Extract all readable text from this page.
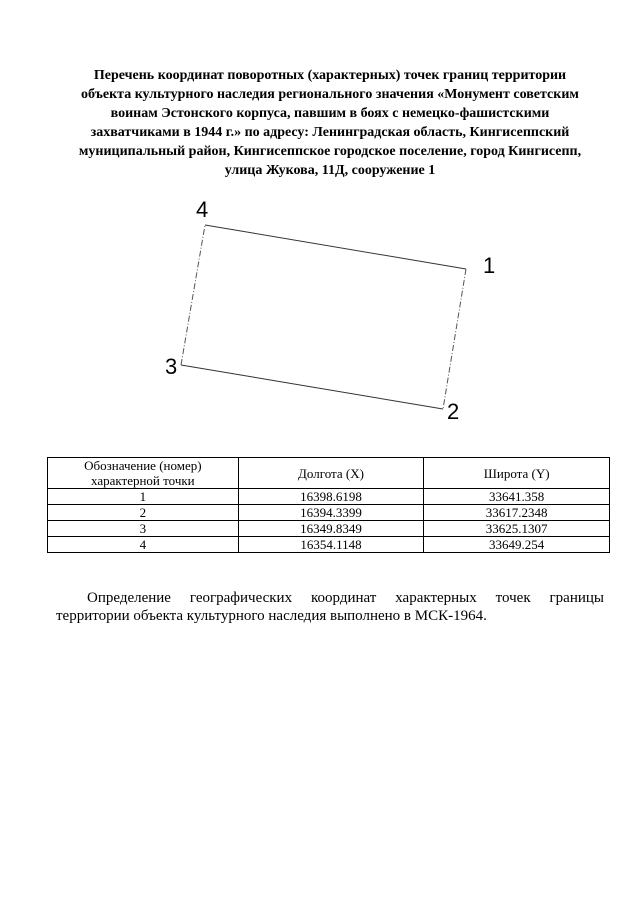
Перечень координат поворотных (характерных) точек границ территории
объекта культурного наследия регионального значения «Монумент советским
воинам Эстонского корпуса, павшим в боях с немецко-фашистскими
захватчиками в 1944 г.» по адресу: Ленинградская область, Кингисеппский
муниципальный район, Кингисеппское городское поселение, город Кингисепп,
улица Жукова, 11Д, сооружение 1
1
2
3
4
Обозначение (номер) характерной точки	Долгота (X)	Широта (Y)
1	16398.6198	33641.358
2	16394.3399	33617.2348
3	16349.8349	33625.1307
4	16354.1148	33649.254

Определение географических координат характерных точек границы
территории объекта культурного наследия выполнено в МСК-1964.
